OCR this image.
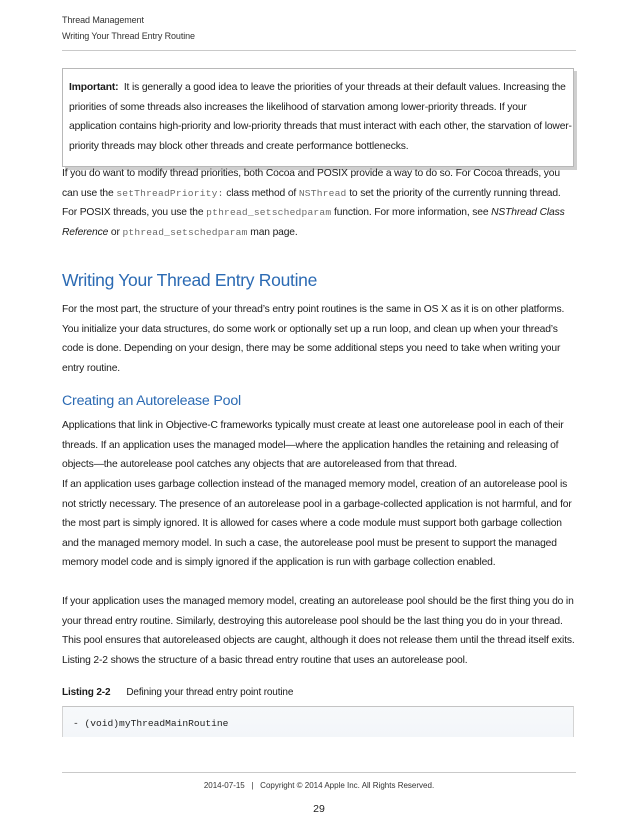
Thread Management
Writing Your Thread Entry Routine
Important: It is generally a good idea to leave the priorities of your threads at their default values. Increasing the priorities of some threads also increases the likelihood of starvation among lower-priority threads. If your application contains high-priority and low-priority threads that must interact with each other, the starvation of lower-priority threads may block other threads and create performance bottlenecks.
If you do want to modify thread priorities, both Cocoa and POSIX provide a way to do so. For Cocoa threads, you can use the setThreadPriority: class method of NSThread to set the priority of the currently running thread. For POSIX threads, you use the pthread_setschedparam function. For more information, see NSThread Class Reference or pthread_setschedparam man page.
Writing Your Thread Entry Routine
For the most part, the structure of your thread’s entry point routines is the same in OS X as it is on other platforms. You initialize your data structures, do some work or optionally set up a run loop, and clean up when your thread’s code is done. Depending on your design, there may be some additional steps you need to take when writing your entry routine.
Creating an Autorelease Pool
Applications that link in Objective-C frameworks typically must create at least one autorelease pool in each of their threads. If an application uses the managed model—where the application handles the retaining and releasing of objects—the autorelease pool catches any objects that are autoreleased from that thread.
If an application uses garbage collection instead of the managed memory model, creation of an autorelease pool is not strictly necessary. The presence of an autorelease pool in a garbage-collected application is not harmful, and for the most part is simply ignored. It is allowed for cases where a code module must support both garbage collection and the managed memory model. In such a case, the autorelease pool must be present to support the managed memory model code and is simply ignored if the application is run with garbage collection enabled.
If your application uses the managed memory model, creating an autorelease pool should be the first thing you do in your thread entry routine. Similarly, destroying this autorelease pool should be the last thing you do in your thread. This pool ensures that autoreleased objects are caught, although it does not release them until the thread itself exits. Listing 2-2 shows the structure of a basic thread entry routine that uses an autorelease pool.
Listing 2-2 Defining your thread entry point routine
- (void)myThreadMainRoutine
2014-07-15 | Copyright © 2014 Apple Inc. All Rights Reserved.
29
